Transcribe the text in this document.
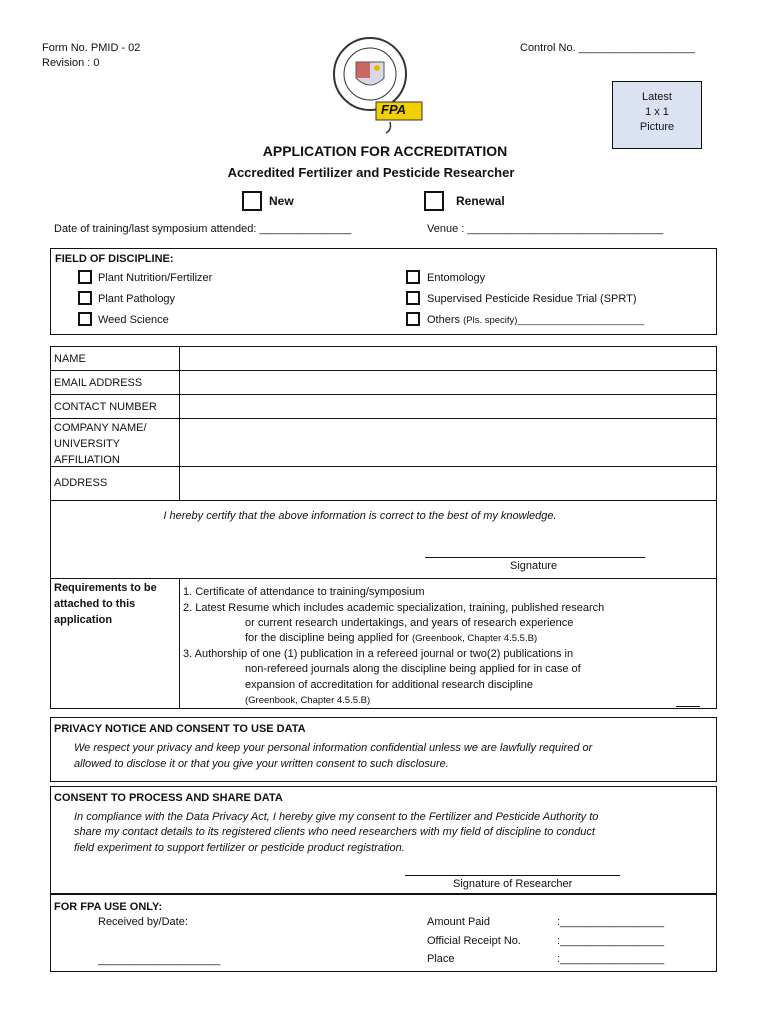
Form No. PMID - 02
Revision : 0
Control No. ___________________
FPA
Latest
1 x 1
Picture
APPLICATION FOR ACCREDITATION
Accredited Fertilizer and Pesticide Researcher
New	Renewal
Date of training/last symposium attended: _______________	Venue : ________________________________
FIELD OF DISCIPLINE:
Plant Nutrition/Fertilizer
Plant Pathology
Weed Science
Entomology
Supervised Pesticide Residue Trial (SPRT)
Others (Pls. specify)________________________
NAME
EMAIL ADDRESS
CONTACT NUMBER
COMPANY NAME/
UNIVERSITY
AFFILIATION
ADDRESS
I hereby certify that the above information is correct to the best of my knowledge.
Signature
Requirements to be
attached to this
application
1. Certificate of attendance to training/symposium
2. Latest Resume which includes academic specialization, training, published research
or current research undertakings, and years of research experience
for the discipline being applied for (Greenbook, Chapter 4.5.5.B)
3. Authorship of one (1) publication in a refereed journal or two(2) publications in
non-refereed journals along the discipline being applied for in case of
expansion of accreditation for additional research discipline
(Greenbook, Chapter 4.5.5.B)
PRIVACY NOTICE AND CONSENT TO USE DATA
We respect your privacy and keep your personal information confidential unless we are lawfully required or
allowed to disclose it or that you give your written consent to such disclosure.
CONSENT TO PROCESS AND SHARE DATA
In compliance with the Data Privacy Act, I hereby give my consent to the Fertilizer and Pesticide Authority to
share my contact details to its registered clients who need researchers with my field of discipline to conduct
field experiment to support fertilizer or pesticide product registration.
Signature of Researcher
FOR FPA USE ONLY:
Received by/Date:
____________________
Amount Paid	:_________________
Official Receipt No.	:_________________
Place	:_________________
